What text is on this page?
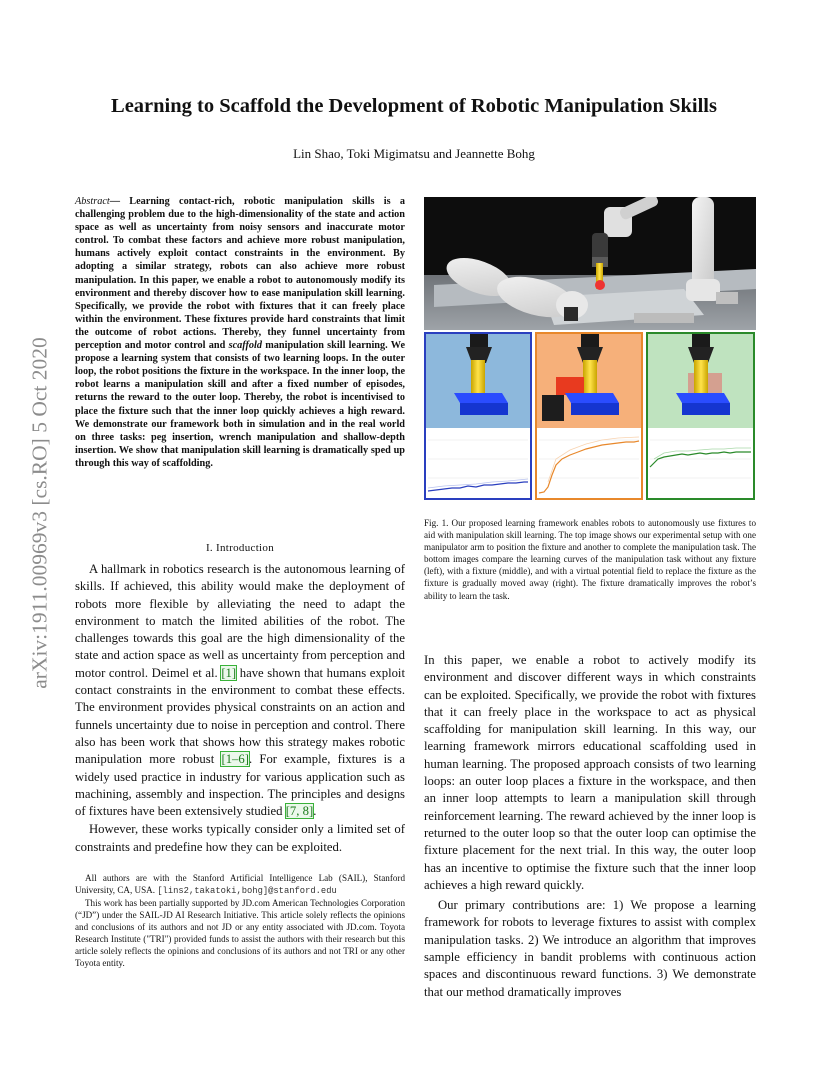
arXiv:1911.00969v3 [cs.RO] 5 Oct 2020
Learning to Scaffold the Development of Robotic Manipulation Skills
Lin Shao, Toki Migimatsu and Jeannette Bohg
Abstract— Learning contact-rich, robotic manipulation skills is a challenging problem due to the high-dimensionality of the state and action space as well as uncertainty from noisy sensors and inaccurate motor control. To combat these factors and achieve more robust manipulation, humans actively exploit contact constraints in the environment. By adopting a similar strategy, robots can also achieve more robust manipulation. In this paper, we enable a robot to autonomously modify its environment and thereby discover how to ease manipulation skill learning. Specifically, we provide the robot with fixtures that it can freely place within the environment. These fixtures provide hard constraints that limit the outcome of robot actions. Thereby, they funnel uncertainty from perception and motor control and scaffold manipulation skill learning. We propose a learning system that consists of two learning loops. In the outer loop, the robot positions the fixture in the workspace. In the inner loop, the robot learns a manipulation skill and after a fixed number of episodes, returns the reward to the outer loop. Thereby, the robot is incentivised to place the fixture such that the inner loop quickly achieves a high reward. We demonstrate our framework both in simulation and in the real world on three tasks: peg insertion, wrench manipulation and shallow-depth insertion. We show that manipulation skill learning is dramatically sped up through this way of scaffolding.
I. Introduction

A hallmark in robotics research is the autonomous learning of skills. If achieved, this ability would make the deployment of robots more flexible by alleviating the need to adapt the environment to match the limited abilities of the robot. The challenges towards this goal are the high dimensionality of the state and action space as well as uncertainty from perception and motor control. Deimel et al. [1] have shown that humans exploit contact constraints in the environment to combat these effects. The environment provides physical constraints on an action and funnels uncertainty due to noise in perception and control. There also has been work that shows how this strategy makes robotic manipulation more robust [1–6]. For example, fixtures is a widely used practice in industry for various application such as machining, assembly and inspection. The principles and designs of fixtures have been extensively studied [7, 8].

However, these works typically consider only a limited set of constraints and predefine how they can be exploited.

All authors are with the Stanford Artificial Intelligence Lab (SAIL), Stanford University, CA, USA. [lins2,takatoki,bohg]@stanford.edu

This work has been partially supported by JD.com American Technologies Corporation (“JD”) under the SAIL-JD AI Research Initiative. This article solely reflects the opinions and conclusions of its authors and not JD or any entity associated with JD.com. Toyota Research Institute ("TRI") provided funds to assist the authors with their research but this article solely reflects the opinions and conclusions of its authors and not TRI or any other Toyota entity.

Fig. 1. Our proposed learning framework enables robots to autonomously use fixtures to aid with manipulation skill learning. The top image shows our experimental setup with one manipulator arm to position the fixture and another to complete the manipulation task. The bottom images compare the learning curves of the manipulation task without any fixture (left), with a fixture (middle), and with a virtual potential field to replace the fixture as the fixture is gradually moved away (right). The fixture dramatically improves the robot’s ability to learn the task.

In this paper, we enable a robot to actively modify its environment and discover different ways in which constraints can be exploited. Specifically, we provide the robot with fixtures that it can freely place in the workspace to act as physical scaffolding for manipulation skill learning. In this way, our learning framework mirrors educational scaffolding used in human learning. The proposed approach consists of two learning loops: an outer loop places a fixture in the workspace, and then an inner loop attempts to learn a manipulation skill through reinforcement learning. The reward achieved by the inner loop is returned to the outer loop so that the outer loop can optimise the fixture placement for the next trial. In this way, the outer loop has an incentive to optimise the fixture such that the inner loop achieves a high reward quickly.

Our primary contributions are: 1) We propose a learning framework for robots to leverage fixtures to assist with complex manipulation tasks. 2) We introduce an algorithm that improves sample efficiency in bandit problems with continuous action spaces and discontinuous reward functions. 3) We demonstrate that our method dramatically improves
